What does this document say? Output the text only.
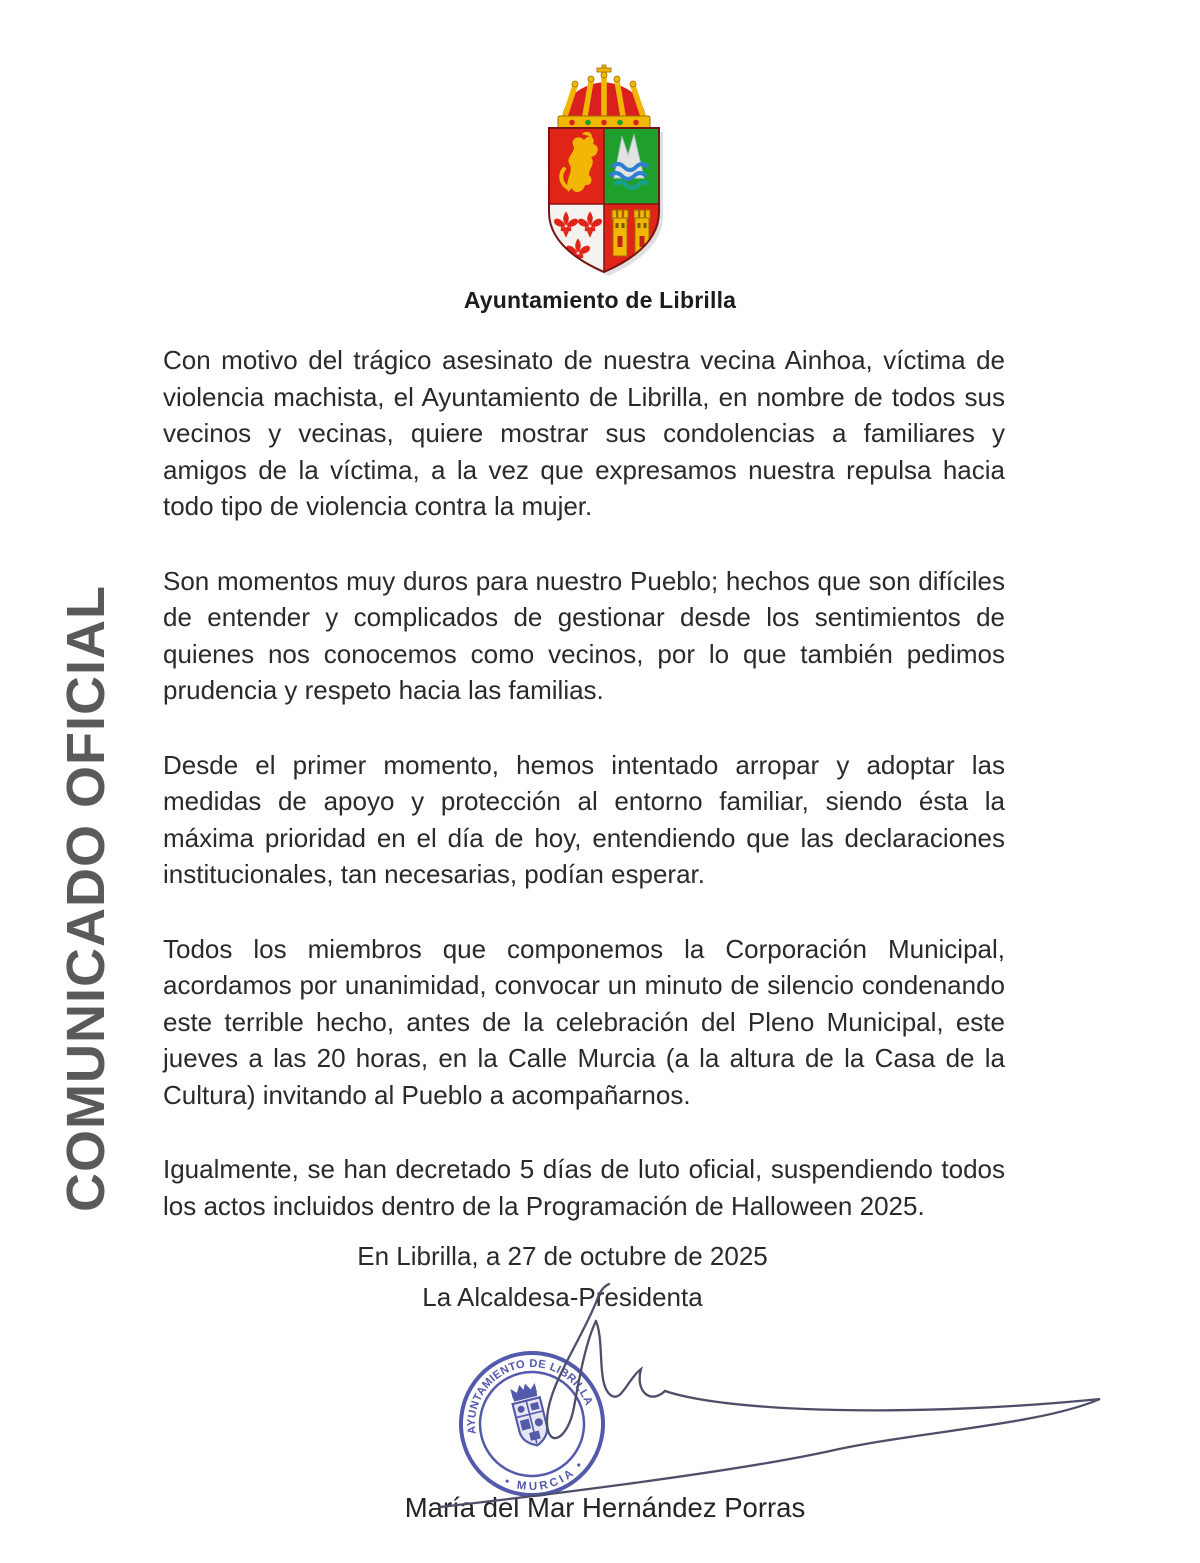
COMUNICADO OFICIAL
Ayuntamiento de Librilla

Con motivo del trágico asesinato de nuestra vecina Ainhoa, víctima de violencia machista, el Ayuntamiento de Librilla, en nombre de todos sus vecinos y vecinas, quiere mostrar sus condolencias a familiares y amigos de la víctima, a la vez que expresamos nuestra repulsa hacia todo tipo de violencia contra la mujer.

Son momentos muy duros para nuestro Pueblo; hechos que son difíciles de entender y complicados de gestionar desde los sentimientos de quienes nos conocemos como vecinos, por lo que también pedimos prudencia y respeto hacia las familias.

Desde el primer momento, hemos intentado arropar y adoptar las medidas de apoyo y protección al entorno familiar, siendo ésta la máxima prioridad en el día de hoy, entendiendo que las declaraciones institucionales, tan necesarias, podían esperar.

Todos los miembros que componemos la Corporación Municipal, acordamos por unanimidad, convocar un minuto de silencio condenando este terrible hecho, antes de la celebración del Pleno Municipal, este jueves a las 20 horas, en la Calle Murcia (a la altura de la Casa de la Cultura) invitando al Pueblo a acompañarnos.

Igualmente, se han decretado 5 días de luto oficial, suspendiendo todos los actos incluidos dentro de la Programación de Halloween 2025.

En Librilla, a 27 de octubre de 2025
La Alcaldesa-Presidenta
María del Mar Hernández Porras
AYUNTAMIENTO DE LIBRILLA
• MURCIA •
